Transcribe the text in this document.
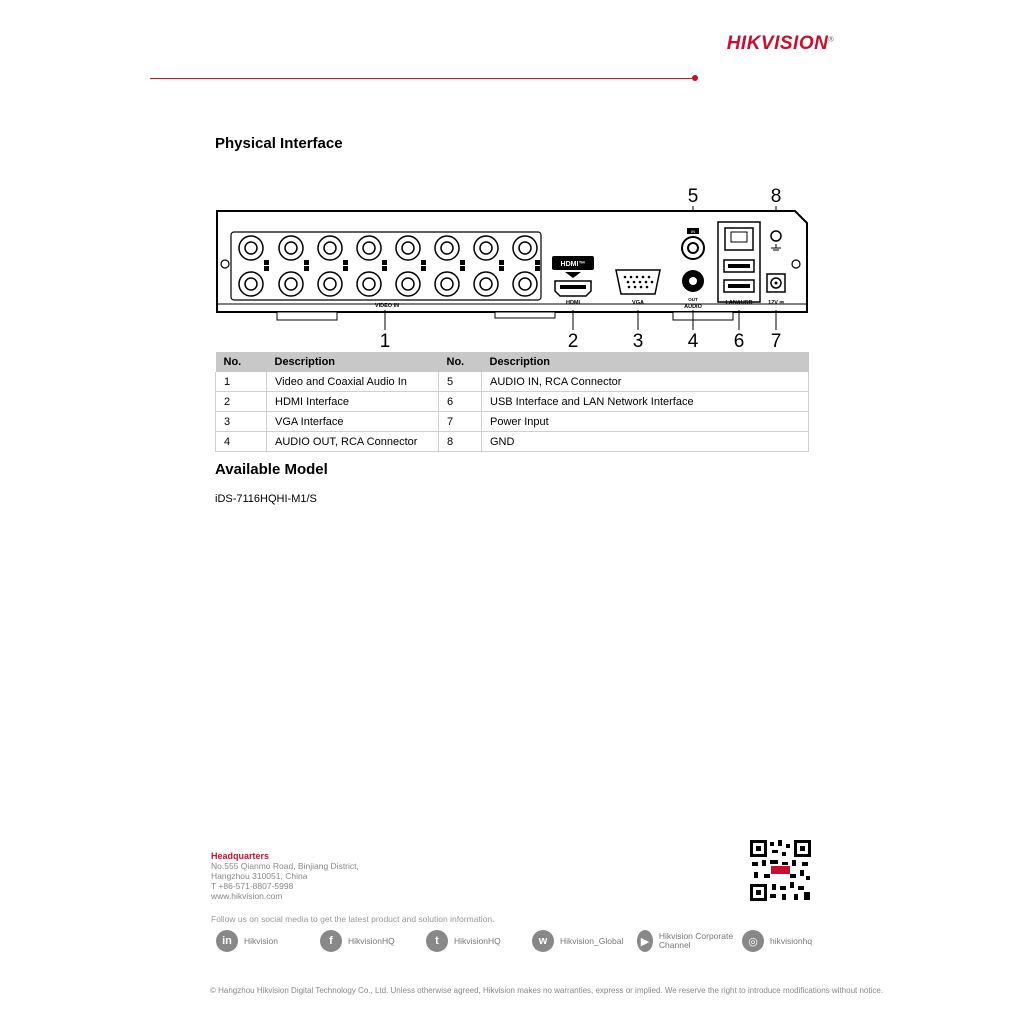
HIKVISION®
Physical Interface
5	8
VIDEO IN
HDMI™
HDMI	VGA
IN
OUT
AUDIO
LAN&USB	12V ⎓
1	2	3 4 6 7
No.	Description	No.	Description
1	Video and Coaxial Audio In	5	AUDIO IN, RCA Connector
2	HDMI Interface	6	USB Interface and LAN Network Interface
3	VGA Interface	7	Power Input
4	AUDIO OUT, RCA Connector	8	GND
Available Model
iDS-7116HQHI-M1/S
Headquarters
No.555 Qianmo Road, Binjiang District,
Hangzhou 310051, China
T +86-571-8807-5998
www.hikvision.com
Follow us on social media to get the latest product and solution information.
in	Hikvision	f	HikvisionHQ	t	HikvisionHQ	w	Hikvision_Global	▶	Hikvision Corporate Channel	◎	hikvisionhq
© Hangzhou Hikvision Digital Technology Co., Ltd. Unless otherwise agreed, Hikvision makes no warranties, express or implied. We reserve the right to introduce modifications without notice.
